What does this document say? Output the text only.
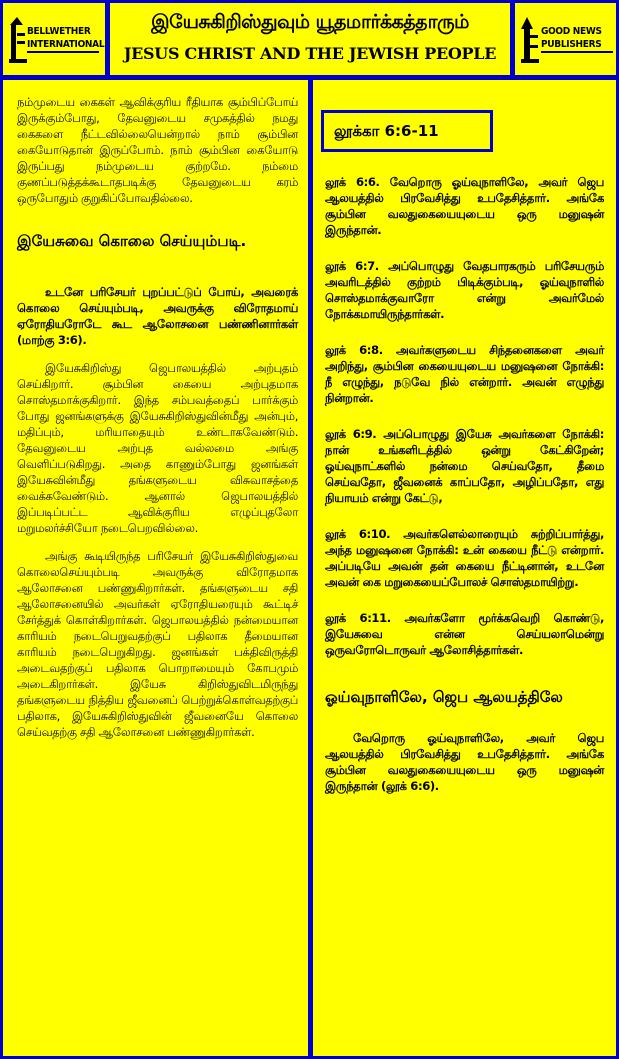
BELLWETHER
INTERNATIONAL
இயேசுகிறிஸ்துவும் யூதமார்க்கத்தாரும்
JESUS CHRIST AND THE JEWISH PEOPLE
GOOD NEWS
PUBLISHERS

நம்முடைய கைகள் ஆவிக்குரிய ரீதியாக சூம்பிப்போய் இருக்கும்போது, தேவனுடைய சமுகத்தில் நமது கைகளை நீட்டவில்லையென்றால் நாம் சூம்பின கையோடுதான் இருப்போம். நாம் சூம்பின கையோடு இருப்பது நம்முடைய குற்றமே. நம்மை குணப்படுத்தக்கூடாதபடிக்கு தேவனுடைய கரம் ஒருபோதும் குறுகிப்போவதில்லை.

இயேசுவை கொலை செய்யும்படி.

உடனே பரிசேயர் புறப்பட்டுப் போய், அவரைக் கொலை செய்யும்படி, அவருக்கு விரோதமாய் ஏரோதியரோடே கூட ஆலோசனை பண்ணினார்கள் (மாற்கு 3:6).

இயேசுகிறிஸ்து ஜெபாலயத்தில் அற்புதம் செய்கிறார். சூம்பின கையை அற்புதமாக சொஸ்தமாக்குகிறார். இந்த சம்பவத்தைப் பார்க்கும் போது ஜனங்களுக்கு இயேசுகிறிஸ்துவின்மீது அன்பும், மதிப்பும், மரியாதையும் உண்டாகவேண்டும். தேவனுடைய அற்புத வல்லமை அங்கு வெளிப்படுகிறது. அதை காணும்போது ஜனங்கள் இயேசுவின்மீது தங்களுடைய விசுவாசத்தை வைக்கவேண்டும். ஆனால் ஜெபாலயத்தில் இப்படிப்பட்ட ஆவிக்குரிய எழுப்புதலோ மறுமலர்ச்சியோ நடைபெறவில்லை.

அங்கு கூடியிருந்த பரிசேயர் இயேசுகிறிஸ்துவை கொலைசெய்யும்படி அவருக்கு விரோதமாக ஆலோசனை பண்ணுகிறார்கள். தங்களுடைய சதி ஆலோசனையில் அவர்கள் ஏரோதியரையும் கூட்டிச் சேர்த்துக் கொள்கிறார்கள். ஜெபாலயத்தில் நன்மையான காரியம் நடைபெறுவதற்குப் பதிலாக தீமையான காரியம் நடைபெறுகிறது. ஜனங்கள் பக்திவிருத்தி அடைவதற்குப் பதிலாக பொறாமையும் கோபமும் அடைகிறார்கள். இயேசு கிறிஸ்துவிடமிருந்து தங்களுடைய நித்திய ஜீவனைப் பெற்றுக்கொள்வதற்குப் பதிலாக, இயேசுகிறிஸ்துவின் ஜீவனையே கொலை செய்வதற்கு சதி ஆலோசனை பண்ணுகிறார்கள்.

லூக்கா 6:6-11

லூக் 6:6. வேறொரு ஓய்வுநாளிலே, அவர் ஜெப ஆலயத்தில் பிரவேசித்து உபதேசித்தார். அங்கே சூம்பின வலதுகையையுடைய ஒரு மனுஷன் இருந்தான்.

லூக் 6:7. அப்பொழுது வேதபாரகரும் பரிசேயரும் அவரிடத்தில் குற்றம் பிடிக்கும்படி, ஓய்வுநாளில் சொஸ்தமாக்குவாரோ என்று அவர்மேல் நோக்கமாயிருந்தார்கள்.

லூக் 6:8. அவர்களுடைய சிந்தனைகளை அவர் அறிந்து, சூம்பின கையையுடைய மனுஷனை நோக்கி: நீ எழுந்து, நடுவே நில் என்றார். அவன் எழுந்து நின்றான்.

லூக் 6:9. அப்பொழுது இயேசு அவர்களை நோக்கி: நான் உங்களிடத்தில் ஒன்று கேட்கிறேன்; ஓய்வுநாட்களில் நன்மை செய்வதோ, தீமை செய்வதோ, ஜீவனைக் காப்பதோ, அழிப்பதோ, எது நியாயம் என்று கேட்டு,

லூக் 6:10. அவர்களெல்லாரையும் சுற்றிப்பார்த்து, அந்த மனுஷனை நோக்கி: உன் கையை நீட்டு என்றார். அப்படியே அவன் தன் கையை நீட்டினான், உடனே அவன் கை மறுகையைப்போலச் சொஸ்தமாயிற்று.

லூக் 6:11. அவர்களோ மூர்க்கவெறி கொண்டு, இயேசுவை என்ன செய்யலாமென்று ஒருவரோடொருவர் ஆலோசித்தார்கள்.

ஓய்வுநாளிலே, ஜெப ஆலயத்திலே

வேறொரு ஓய்வுநாளிலே, அவர் ஜெப ஆலயத்தில் பிரவேசித்து உபதேசித்தார். அங்கே சூம்பின வலதுகையையுடைய ஒரு மனுஷன் இருந்தான் (லூக் 6:6).
